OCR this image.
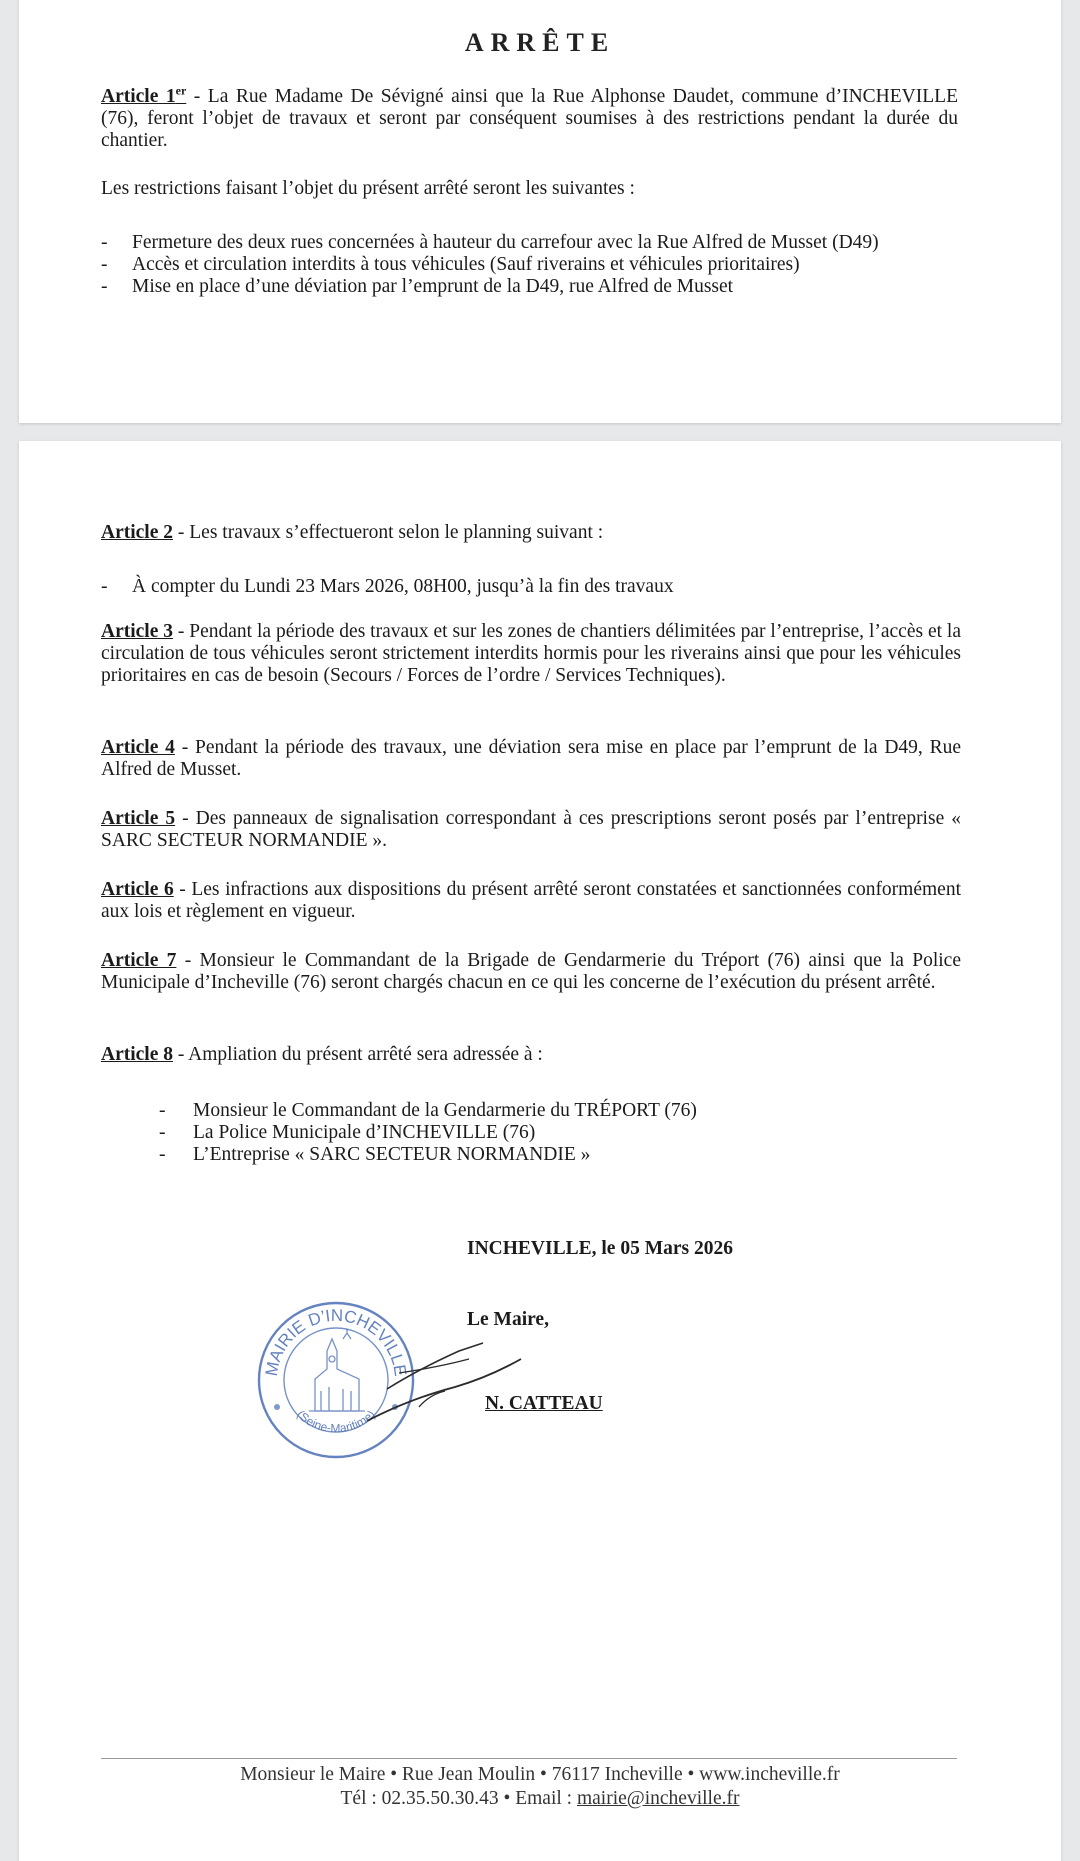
ARRÊTE

Article 1er - La Rue Madame De Sévigné ainsi que la Rue Alphonse Daudet, commune d’INCHEVILLE (76), feront l’objet de travaux et seront par conséquent soumises à des restrictions pendant la durée du chantier.

Les restrictions faisant l’objet du présent arrêté seront les suivantes :

- Fermeture des deux rues concernées à hauteur du carrefour avec la Rue Alfred de Musset (D49)
- Accès et circulation interdits à tous véhicules (Sauf riverains et véhicules prioritaires)
- Mise en place d’une déviation par l’emprunt de la D49, rue Alfred de Musset

Article 2 - Les travaux s’effectueront selon le planning suivant :

- À compter du Lundi 23 Mars 2026, 08H00, jusqu’à la fin des travaux

Article 3 - Pendant la période des travaux et sur les zones de chantiers délimitées par l’entreprise, l’accès et la circulation de tous véhicules seront strictement interdits hormis pour les riverains ainsi que pour les véhicules prioritaires en cas de besoin (Secours / Forces de l’ordre / Services Techniques).

Article 4 - Pendant la période des travaux, une déviation sera mise en place par l’emprunt de la D49, Rue Alfred de Musset.

Article 5 - Des panneaux de signalisation correspondant à ces prescriptions seront posés par l’entreprise « SARC SECTEUR NORMANDIE ».

Article 6 - Les infractions aux dispositions du présent arrêté seront constatées et sanctionnées conformément aux lois et règlement en vigueur.

Article 7 - Monsieur le Commandant de la Brigade de Gendarmerie du Tréport (76) ainsi que la Police Municipale d’Incheville (76) seront chargés chacun en ce qui les concerne de l’exécution du présent arrêté.

Article 8 - Ampliation du présent arrêté sera adressée à :

- Monsieur le Commandant de la Gendarmerie du TRÉPORT (76)
- La Police Municipale d’INCHEVILLE (76)
- L’Entreprise « SARC SECTEUR NORMANDIE »
INCHEVILLE, le 05 Mars 2026
Le Maire,
MAIRIE D’INCHEVILLE
(Seine-Maritime)	N. CATTEAU
Monsieur le Maire • Rue Jean Moulin • 76117 Incheville • www.incheville.fr
Tél : 02.35.50.30.43 • Email : mairie@incheville.fr
